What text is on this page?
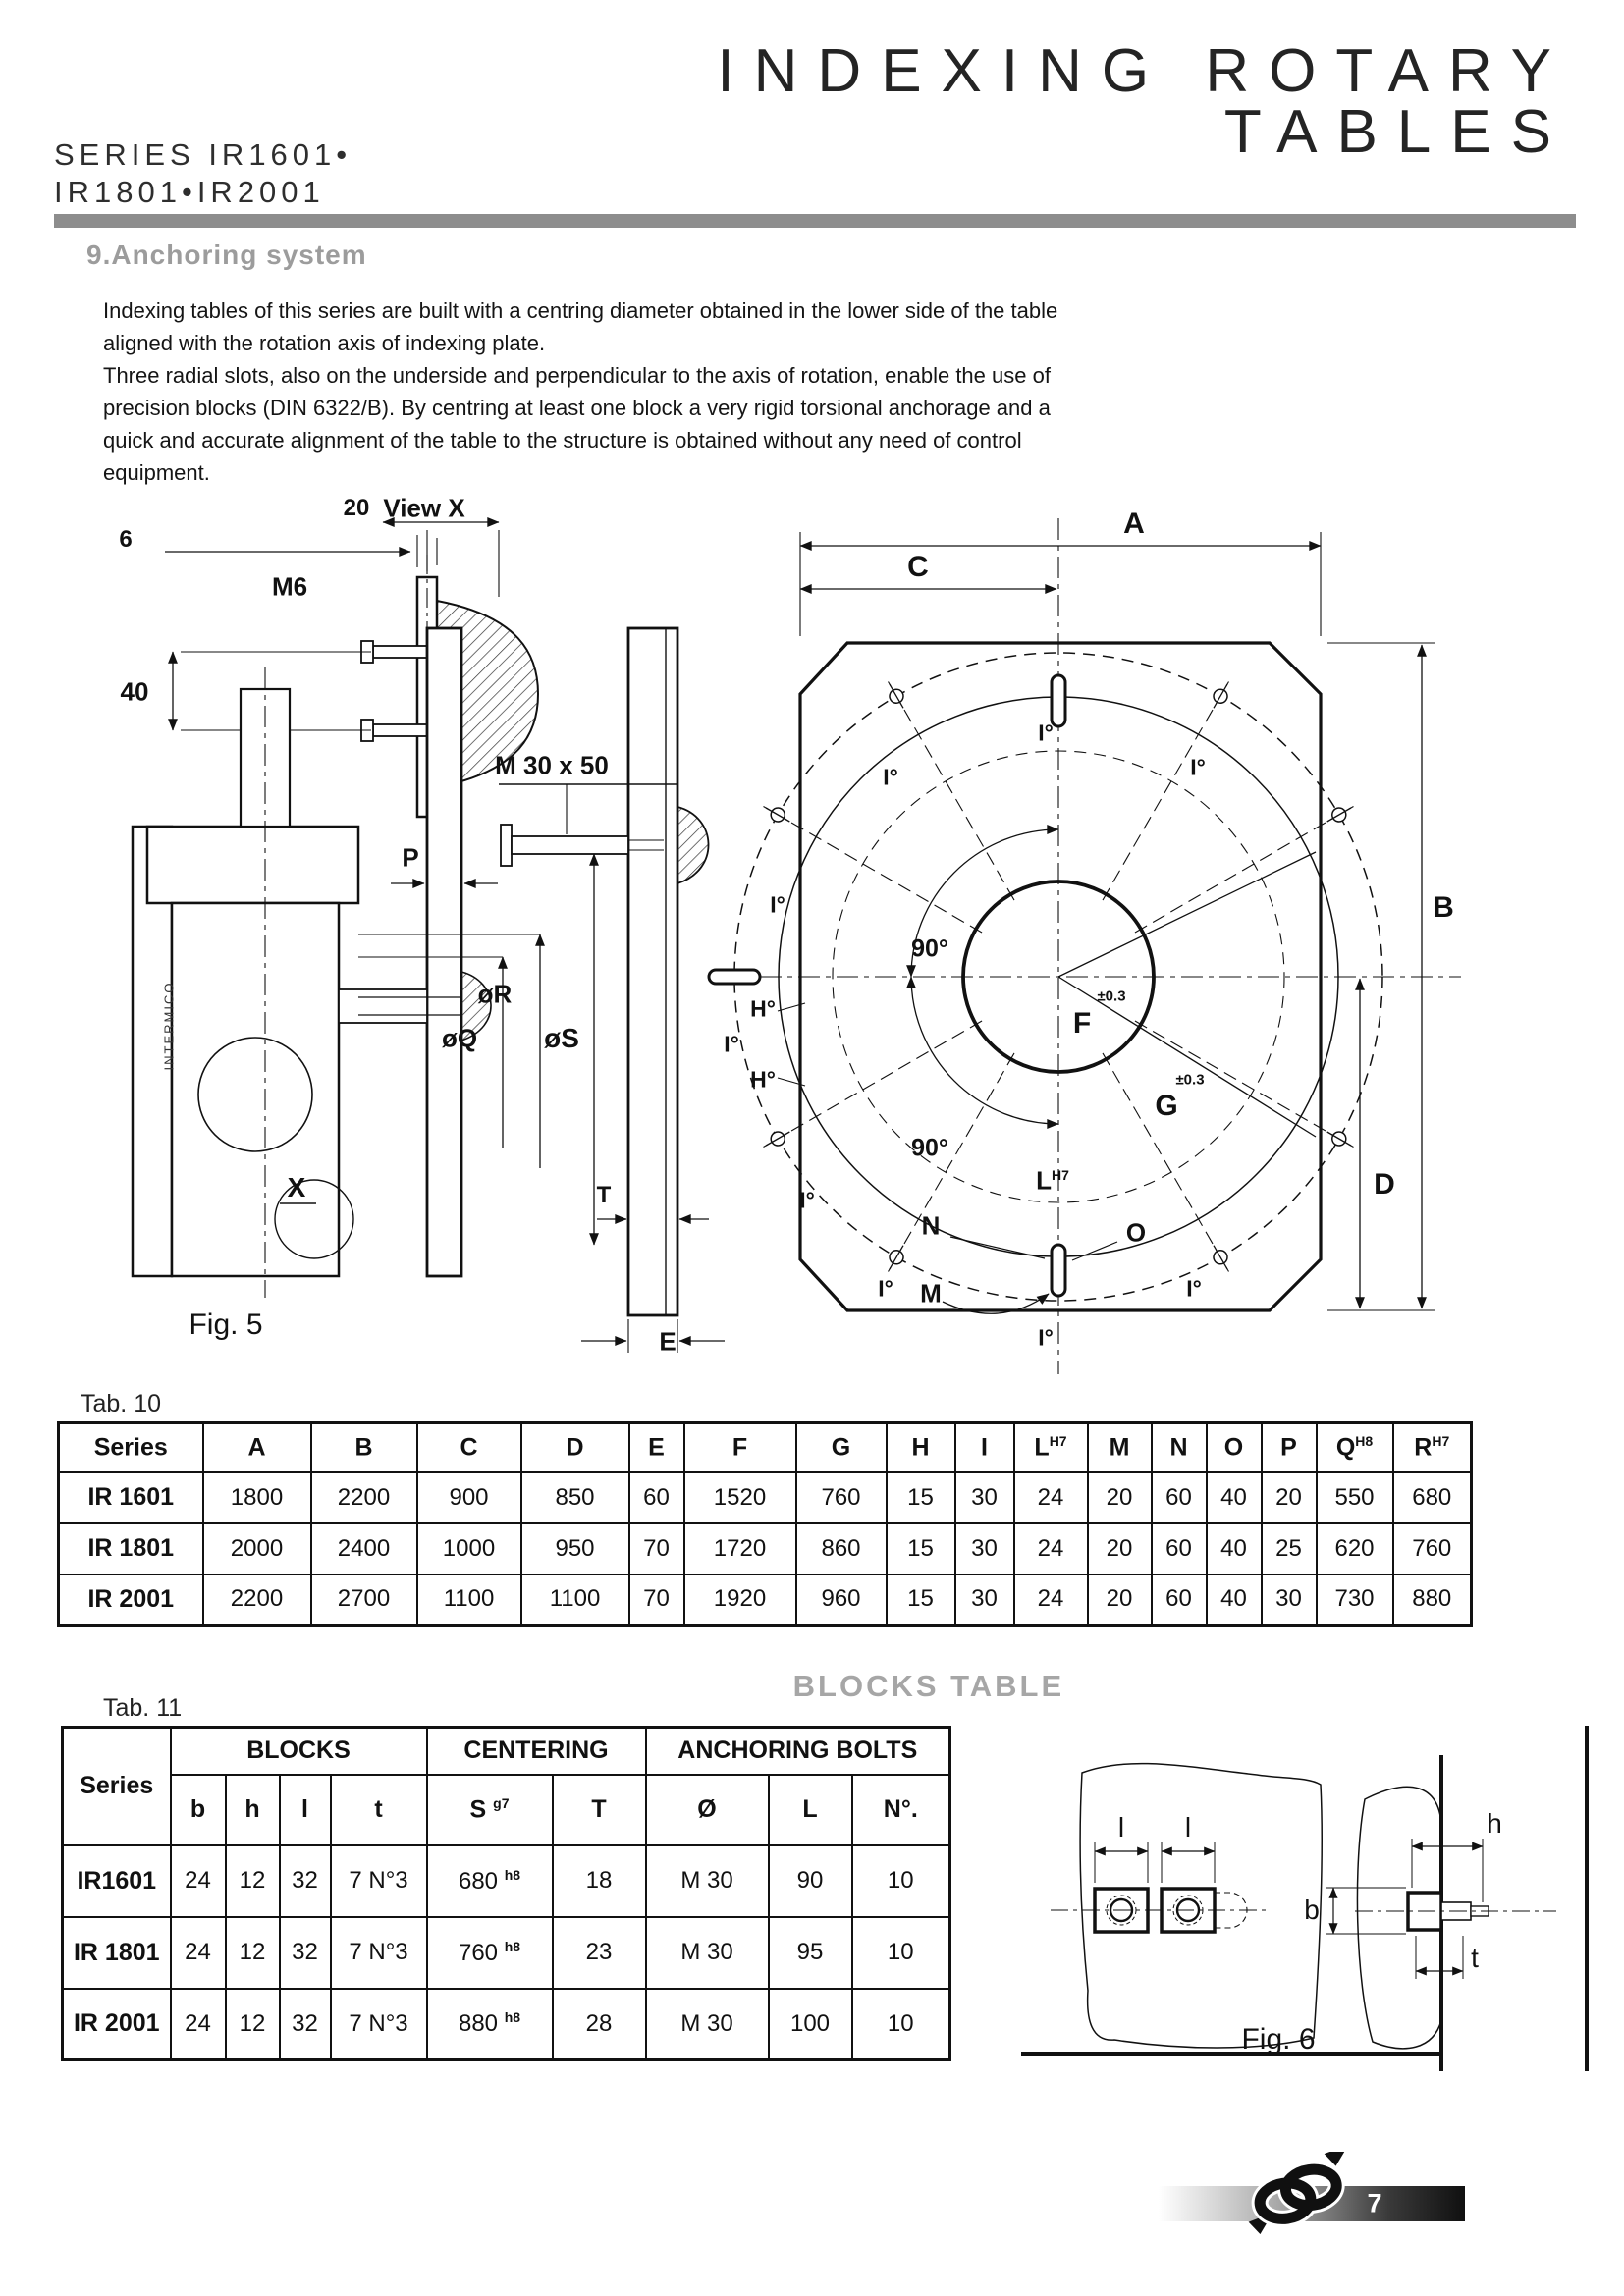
SERIES IR1601•
IR1801•IR2001
INDEXING ROTARY
TABLES
9.Anchoring system

Indexing tables of this series are built with a centring diameter obtained in the lower side of the table aligned with the rotation axis of indexing plate.

Three radial slots, also on the underside and perpendicular to the axis of rotation, enable the use of precision blocks (DIN 6322/B). By centring at least one block a very rigid torsional anchorage and a quick and accurate alignment of the table to the structure is obtained without any need of control equipment.

20 View X
6
M6
40
P
øR
øQ
X
INTERMICO
M 30 x 50
øS
T
E
A
C
B
D
F
±0.3
G
±0.3
$L^{H7}$
M
N	O
H°
H°
90°
90°
I°
I°	I°
I°
I°
I°
I°	I°
I°
Fig. 5
Tab. 10
Series	A	B	C	D	E	F	G	H	I	$L^{H7}$	M	N	O	P	$Q^{H8}$	$R^{H7}$
IR 1601	1800	2200	900	850	60	1520	760	15	30	24	20	60	40	20	550	680
IR 1801	2000	2400	1000	950	70	1720	860	15	30	24	20	60	40	25	620	760
IR 2001	2200	2700	1100	1100	70	1920	960	15	30	24	20	60	40	30	730	880
BLOCKS TABLE
Tab. 11
Series	BLOCKS				CENTERING		ANCHORING BOLTS		
	b	h	l	t	S $^{g7}$	T	Ø	L	N°.
IR1601	24	12	32	7 N°3	680 $^{h8}$	18	M 30	90	10
IR 1801	24	12	32	7 N°3	760 $^{h8}$	23	M 30	95	10
IR 2001	24	12	32	7 N°3	880 $^{h8}$	28	M 30	100	10
l l	h
b
t
Fig. 6
7
